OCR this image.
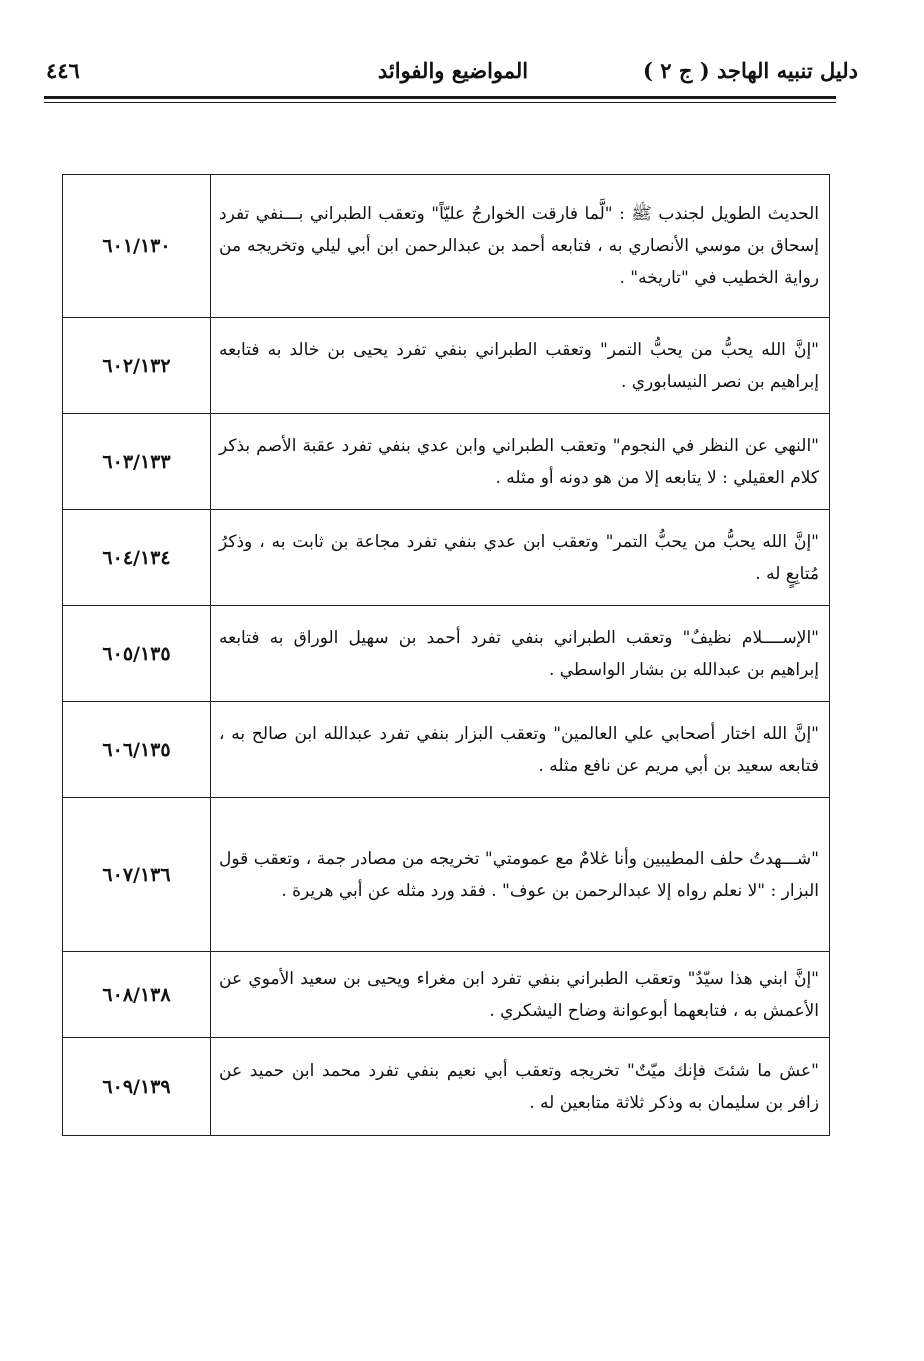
دليل تنبيه الهاجد ( ج ٢ )
المواضيع والفوائد
٤٤٦
الحديث الطويل لجندب ﷺ : "لَّما فارقت الخوارجُ عليّاً" وتعقب الطبراني بـــنفي تفرد إسحاق بن موسي الأنصاري به ، فتابعه أحمد بن عبدالرحمن ابن أبي ليلي وتخريجه من رواية الخطيب في "تاريخه" .	٦٠١/١٣٠
"إنَّ الله يحبُّ من يحبُّ التمر" وتعقب الطبراني بنفي تفرد يحيى بن خالد به فتابعه إبراهيم بن نصر النيسابوري .	٦٠٢/١٣٢
"النهي عن النظر في النجوم" وتعقب الطبراني وابن عدي بنفي تفرد عقبة الأصم بذكر كلام العقيلي : لا يتابعه إلا من هو دونه أو مثله .	٦٠٣/١٣٣
"إنَّ الله يحبُّ من يحبُّ التمر" وتعقب ابن عدي بنفي تفرد مجاعة بن ثابت به ، وذكرُ مُتابِعٍ له .	٦٠٤/١٣٤
"الإســــلام نظيفٌ" وتعقب الطبراني بنفي تفرد أحمد بن سهيل الوراق به فتابعه إبراهيم بن عبدالله بن بشار الواسطي .	٦٠٥/١٣٥
"إنَّ الله اختار أصحابي علي العالمين" وتعقب البزار بنفي تفرد عبدالله ابن صالح به ، فتابعه سعيد بن أبي مريم عن نافع مثله .	٦٠٦/١٣٥
"شـــهدتُ حلف المطيبين وأنا غلامٌ مع عمومتي" تخريجه من مصادر جمة ، وتعقب قول البزار : "لا نعلم رواه إلا عبدالرحمن بن عوف" . فقد ورد مثله عن أبي هريرة .	٦٠٧/١٣٦
"إنَّ ابني هذا سيّدٌ" وتعقب الطبراني بنفي تفرد ابن مغراء ويحيى بن سعيد الأموي عن الأعمش به ، فتابعهما أبوعوانة وضاح اليشكري .	٦٠٨/١٣٨
"عش ما شئتَ فإنك ميّتٌ" تخريجه وتعقب أبي نعيم بنفي تفرد محمد ابن حميد عن زافر بن سليمان به وذكر ثلاثة متابعين له .	٦٠٩/١٣٩
